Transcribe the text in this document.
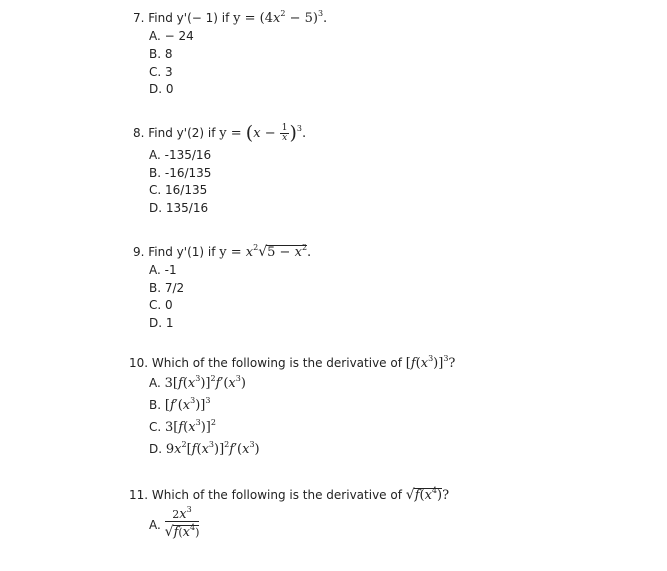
7. Find y'(− 1) if $y = (4x^2 - 5)^3$.
A. − 24
B. 8
C. 3
D. 0
8. Find y'(2) if $y = (x - \frac{1}{x} )^3$.
A. -135/16
B. -16/135
C. 16/135
D. 135/16
9. Find y'(1) if $y = x^2√5 - x^2$.
A. -1
B. 7/2
C. 0
D. 1
10. Which of the following is the derivative of $[f(x^3)]^3$?
A. $3[f(x^3)]^2f'(x^3)$
B. $[f'(x^3)]^3$
C. $3[f(x^3)]^2$
D. $9x^2[f(x^3)]^2f'(x^3)$
11. Which of the following is the derivative of $√f(x^4)$?
A. $\frac{2x^3}{√f(x^4)}$
